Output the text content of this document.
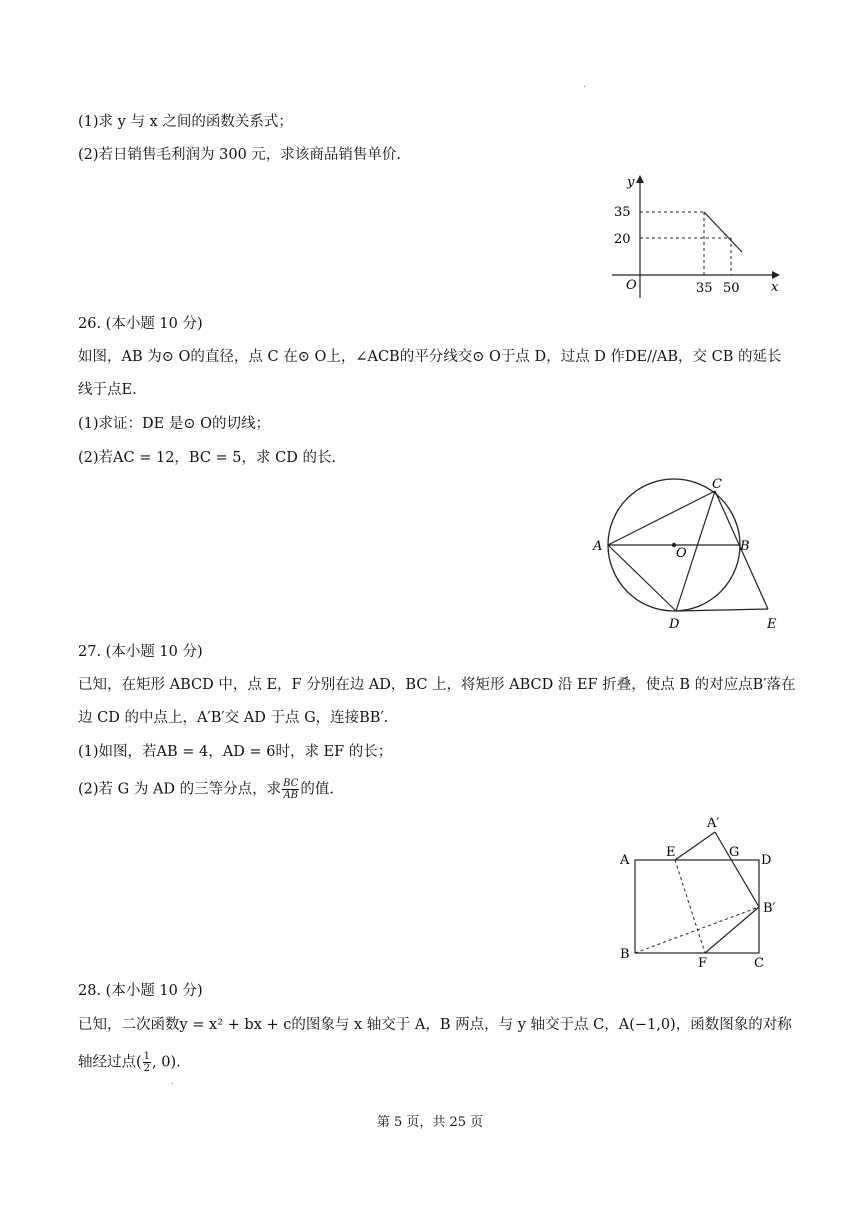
.
(1)求 y 与 x 之间的函数关系式；
(2)若日销售毛利润为 300 元，求该商品销售单价.
y
x
O
35
20
35 50
26. (本小题 10 分)
如图，AB 为⊙ O的直径，点 C 在⊙ O上，∠ACB的平分线交⊙ O于点 D，过点 D 作DE//AB，交 CB 的延长
线于点E.
(1)求证：DE 是⊙ O的切线；
(2)若AC = 12，BC = 5，求 CD 的长.
A	B
C
D	E
O
27. (本小题 10 分)
已知，在矩形 ABCD 中，点 E，F 分别在边 AD，BC 上，将矩形 ABCD 沿 EF 折叠，使点 B 的对应点B′落在
边 CD 的中点上，A′B′交 AD 于点 G，连接BB′.
(1)如图，若AB = 4，AD = 6时，求 EF 的长；
(2)若 G 为 AD 的三等分点，求 $\frac{BC}{AB}$ 的值.
A
A′
E	G
D
B′
B
F	C
28. (本小题 10 分)
已知，二次函数y = x² + bx + c的图象与 x 轴交于 A，B 两点，与 y 轴交于点 C，A(−1,0)，函数图象的对称
轴经过点( $\frac{1}{2}$ , 0).
.
第 5 页，共 25 页
